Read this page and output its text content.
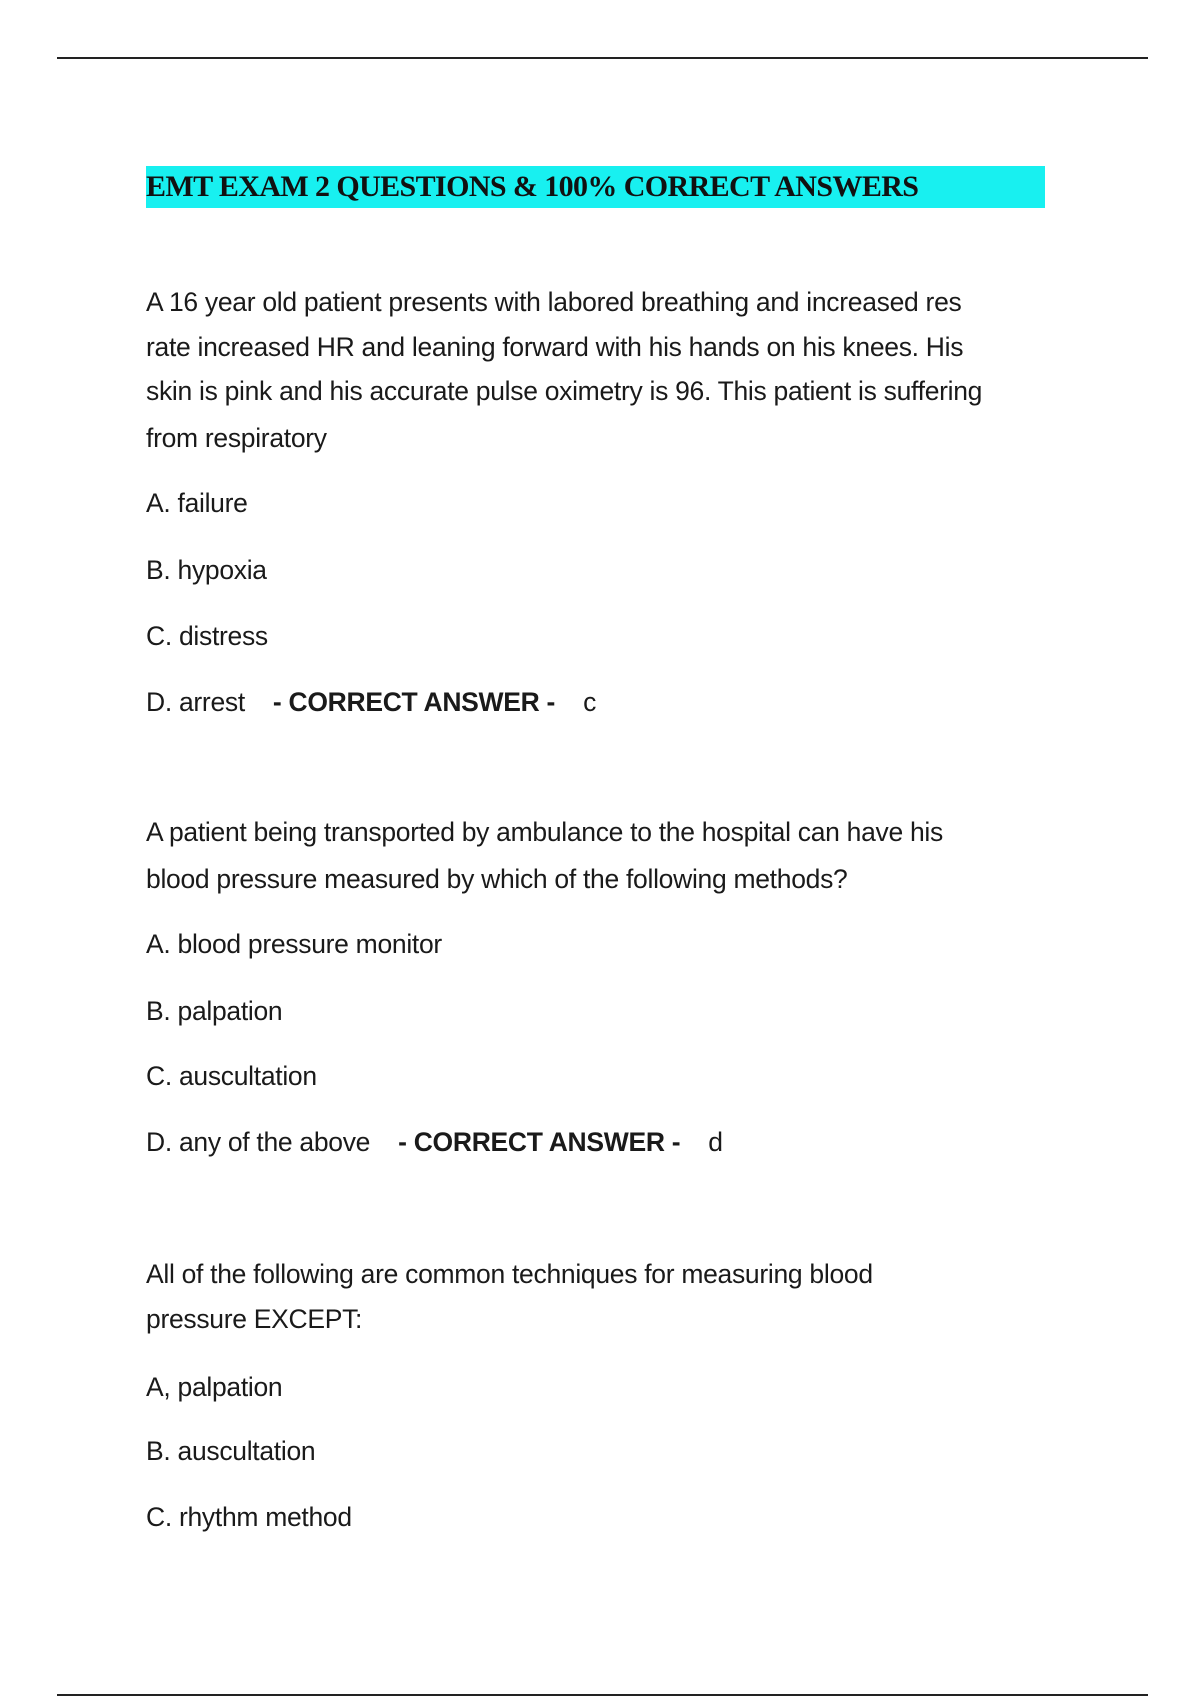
EMT EXAM 2 QUESTIONS & 100% CORRECT ANSWERS
A 16 year old patient presents with labored breathing and increased res
rate increased HR and leaning forward with his hands on his knees. His
skin is pink and his accurate pulse oximetry is 96. This patient is suffering
from respiratory
A. failure
B. hypoxia
C. distress
D. arrest - CORRECT ANSWER - c
A patient being transported by ambulance to the hospital can have his
blood pressure measured by which of the following methods?
A. blood pressure monitor
B. palpation
C. auscultation
D. any of the above - CORRECT ANSWER - d
All of the following are common techniques for measuring blood
pressure EXCEPT:
A, palpation
B. auscultation
C. rhythm method
